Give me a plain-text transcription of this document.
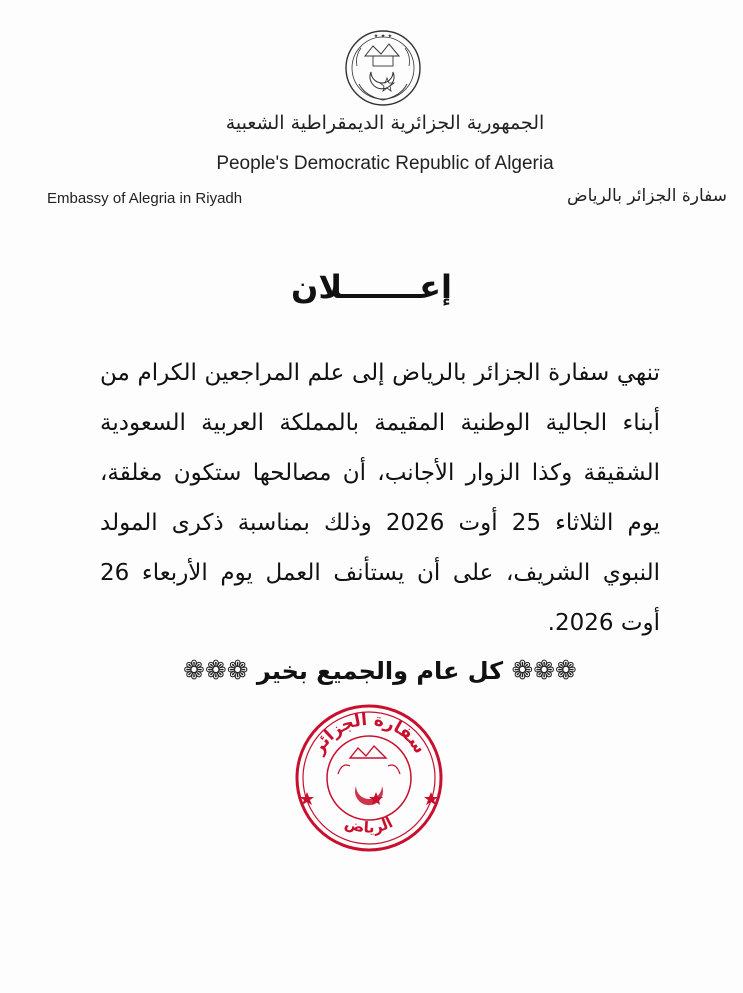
✦ ✦ ✦
الجمهورية الجزائرية الديمقراطية الشعبية
People's Democratic Republic of Algeria
Embassy of Alegria in Riyadh	سفارة الجزائر بالرياض
إعـــــــلان

تنهي سفارة الجزائر بالرياض إلى علم المراجعين الكرام من أبناء الجالية الوطنية المقيمة بالمملكة العربية السعودية الشقيقة وكذا الزوار الأجانب، أن مصالحها ستكون مغلقة، يوم الثلاثاء 25 أوت 2026 وذلك بمناسبة ذكرى المولد النبوي الشريف، على أن يستأنف العمل يوم الأربعاء 26 أوت 2026.

❁❁❁ كل عام والجميع بخير ❁❁❁
سفارة الجزائر
الرياض
